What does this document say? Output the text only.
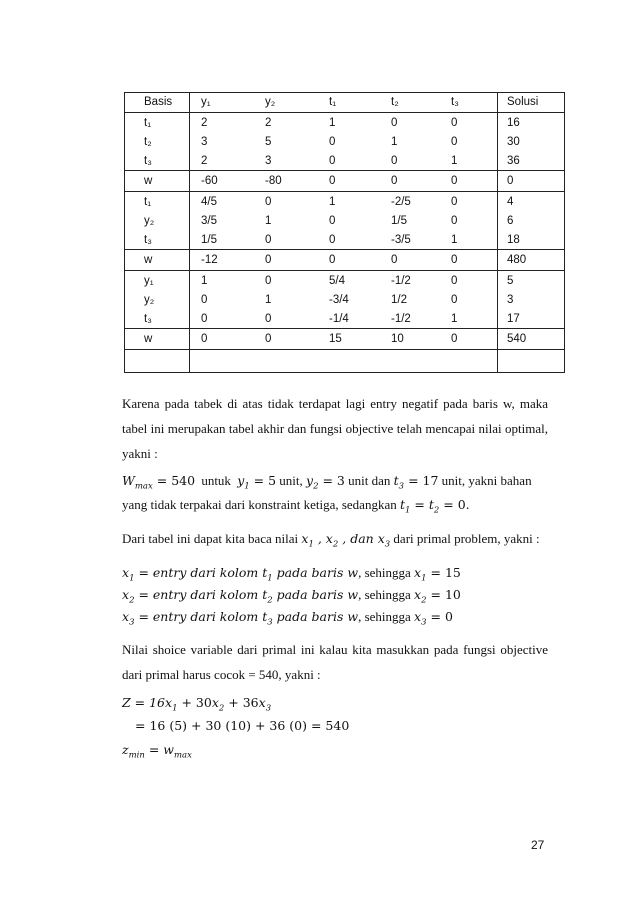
Basis	y₁	y₂	t₁	t₂	t₃	Solusi
t₁	2	2	1	0	0	16
t₂	3	5	0	1	0	30
t₃	2	3	0	0	1	36
w	-60	-80	0	0	0	0
t₁	4/5	0	1	-2/5	0	4
y₂	3/5	1	0	1/5	0	6
t₃	1/5	0	0	-3/5	1	18
w	-12	0	0	0	0	480
y₁	1	0	5/4	-1/2	0	5
y₂	0	1	-3/4	1/2	0	3
t₃	0	0	-1/4	-1/2	1	17
w	0	0	15	10	0	540
Karena pada tabek di atas tidak terdapat lagi entry negatif pada baris w, maka tabel ini merupakan tabel akhir dan fungsi objective telah mencapai nilai optimal, yakni :
$W_{max} = 540$ untuk $y_1 = 5$ unit, $y_2 = 3$ unit dan $t_3 = 17$ unit, yakni bahan
yang tidak terpakai dari konstraint ketiga, sedangkan $t_1 = t_2 = 0$.
Dari tabel ini dapat kita baca nilai $x_1$ , $x_2$ , dan $x_3$ dari primal problem, yakni :
$x_1$ = entry dari kolom $t_1$ pada baris w, sehingga $x_1 = 15$
$x_2$ = entry dari kolom $t_2$ pada baris w, sehingga $x_2 = 10$
$x_3$ = entry dari kolom $t_3$ pada baris w, sehingga $x_3 = 0$
Nilai shoice variable dari primal ini kalau kita masukkan pada fungsi objective dari primal harus cocok = 540, yakni :
$Z = 16x_1 + 30x_2 + 36x_3$
= 16 (5) + 30 (10) + 36 (0) = 540
$z_{min} = w_{max}$
27
